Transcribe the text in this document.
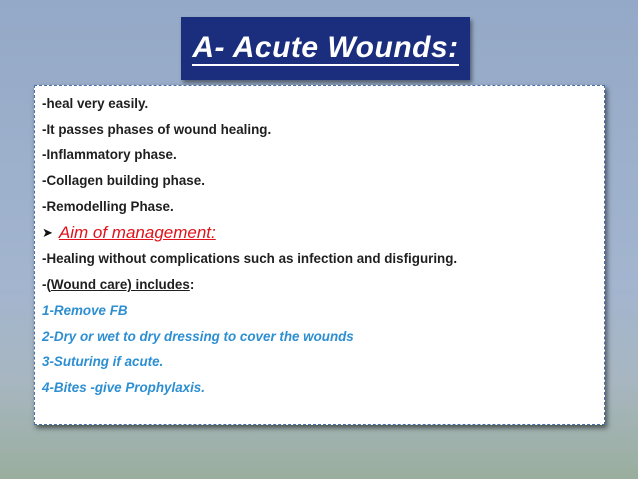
A- Acute Wounds:
-heal very easily.
-It passes phases of wound healing.
-Inflammatory phase.
-Collagen building phase.
-Remodelling Phase.
➤ Aim of management:
-Healing without complications such as infection and disfiguring.
-(Wound care) includes:
1-Remove FB
2-Dry or wet to dry dressing to cover the wounds
3-Suturing if acute.
4-Bites -give Prophylaxis.
